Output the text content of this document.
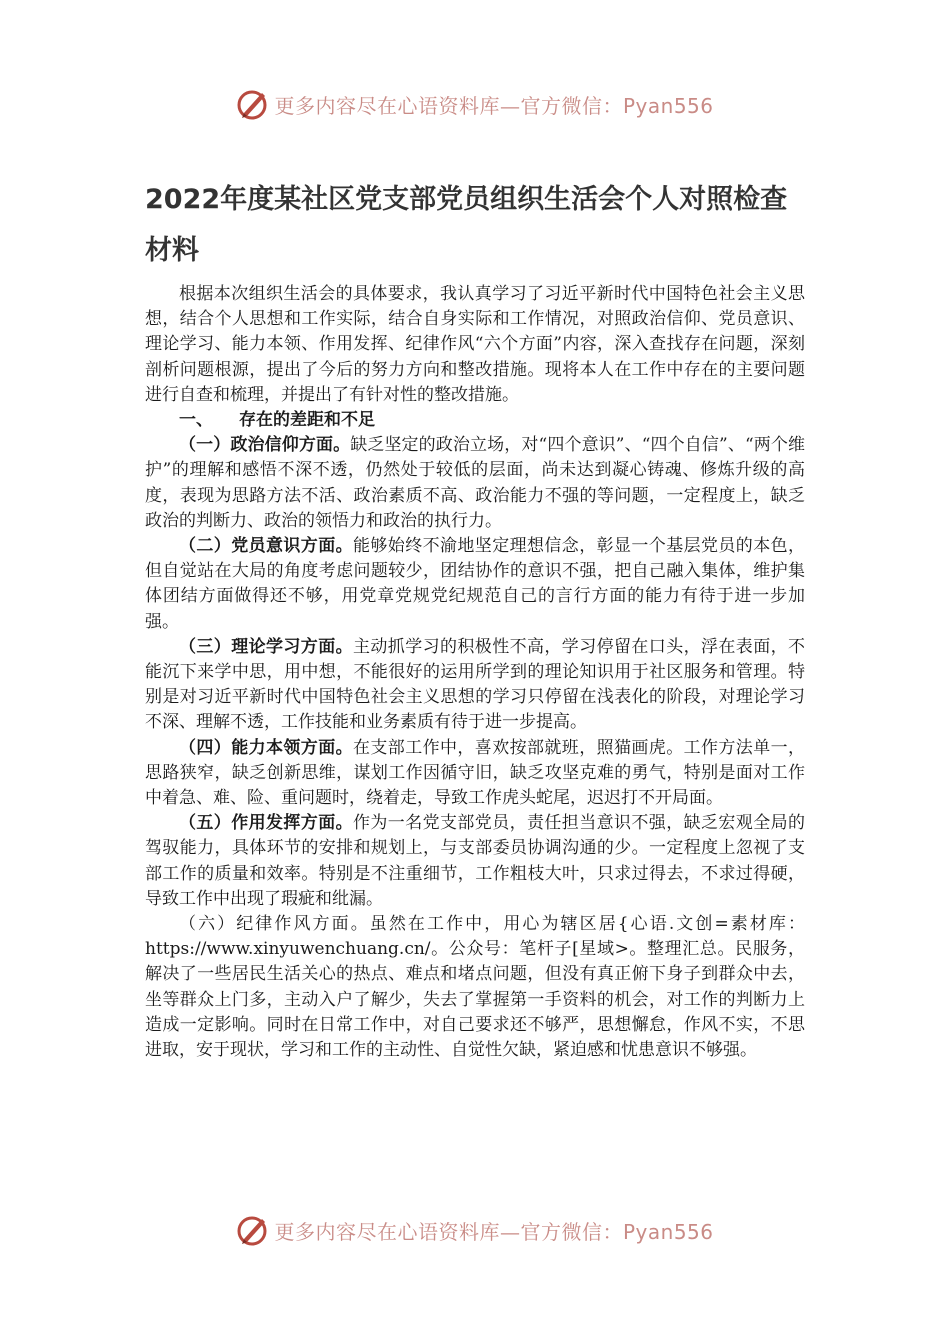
更多内容尽在心语资料库—官方微信：Pyan556
2022年度某社区党支部党员组织生活会个人对照检查材料

根据本次组织生活会的具体要求，我认真学习了习近平新时代中国特色社会主义思想，结合个人思想和工作实际，结合自身实际和工作情况，对照政治信仰、党员意识、理论学习、能力本领、作用发挥、纪律作风“六个方面”内容，深入查找存在问题，深刻剖析问题根源，提出了今后的努力方向和整改措施。现将本人在工作中存在的主要问题进行自查和梳理，并提出了有针对性的整改措施。

一、 存在的差距和不足

（一）政治信仰方面。缺乏坚定的政治立场，对“四个意识”、“四个自信”、“两个维护”的理解和感悟不深不透，仍然处于较低的层面，尚未达到凝心铸魂、修炼升级的高度，表现为思路方法不活、政治素质不高、政治能力不强的等问题，一定程度上，缺乏政治的判断力、政治的领悟力和政治的执行力。

（二）党员意识方面。能够始终不渝地坚定理想信念，彰显一个基层党员的本色，但自觉站在大局的角度考虑问题较少，团结协作的意识不强，把自己融入集体，维护集体团结方面做得还不够，用党章党规党纪规范自己的言行方面的能力有待于进一步加强。

（三）理论学习方面。主动抓学习的积极性不高，学习停留在口头，浮在表面，不能沉下来学中思，用中想，不能很好的运用所学到的理论知识用于社区服务和管理。特别是对习近平新时代中国特色社会主义思想的学习只停留在浅表化的阶段，对理论学习不深、理解不透，工作技能和业务素质有待于进一步提高。

（四）能力本领方面。在支部工作中，喜欢按部就班，照猫画虎。工作方法单一，思路狭窄，缺乏创新思维，谋划工作因循守旧，缺乏攻坚克难的勇气，特别是面对工作中着急、难、险、重问题时，绕着走，导致工作虎头蛇尾，迟迟打不开局面。

（五）作用发挥方面。作为一名党支部党员，责任担当意识不强，缺乏宏观全局的驾驭能力，具体环节的安排和规划上，与支部委员协调沟通的少。一定程度上忽视了支部工作的质量和效率。特别是不注重细节，工作粗枝大叶，只求过得去，不求过得硬，导致工作中出现了瑕疵和纰漏。

（六）纪律作风方面。虽然在工作中，用心为辖区居{心语.文创=素材库：https://www.xinyuwenchuang.cn/。公众号：笔杆子[星域>。整理汇总。民服务，解决了一些居民生活关心的热点、难点和堵点问题，但没有真正俯下身子到群众中去，坐等群众上门多，主动入户了解少，失去了掌握第一手资料的机会，对工作的判断力上造成一定影响。同时在日常工作中，对自己要求还不够严，思想懈怠，作风不实，不思进取，安于现状，学习和工作的主动性、自觉性欠缺，紧迫感和忧患意识不够强。

更多内容尽在心语资料库—官方微信：Pyan556
